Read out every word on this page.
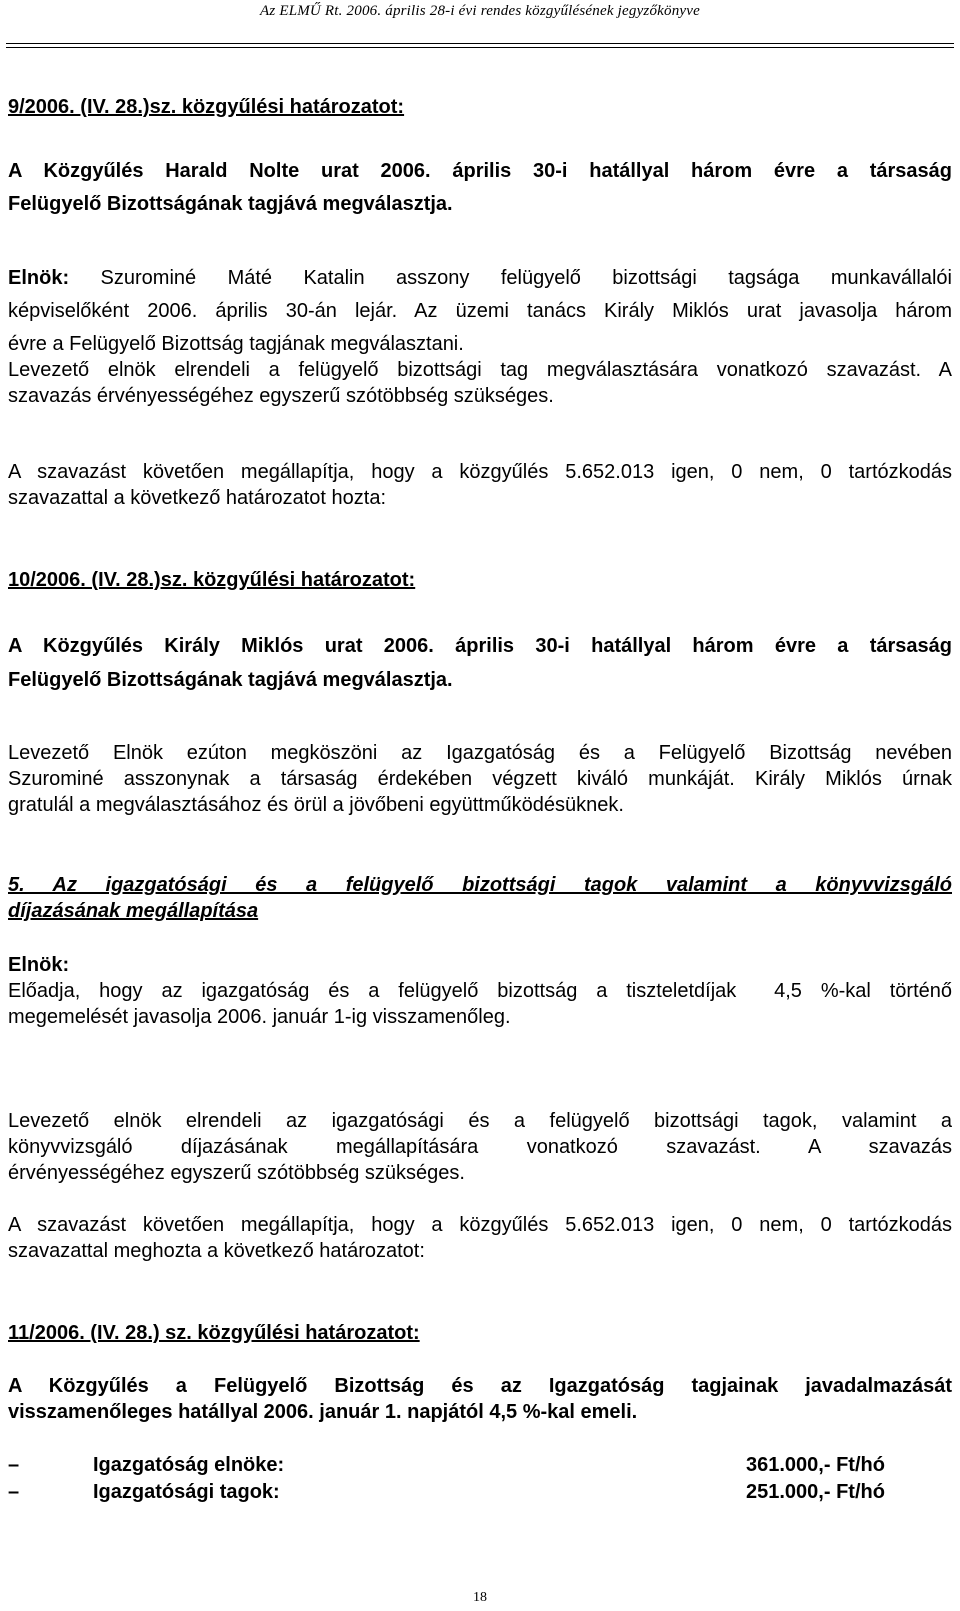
Az ELMŰ Rt. 2006. április 28-i évi rendes közgyűlésének jegyzőkönyve
9/2006. (IV. 28.)sz. közgyűlési határozatot:
A Közgyűlés Harald Nolte urat 2006. április 30-i hatállyal három évre a társaság
Felügyelő Bizottságának tagjává megválasztja.
Elnök: Szurominé Máté Katalin asszony felügyelő bizottsági tagsága munkavállalói
képviselőként 2006. április 30-án lejár. Az üzemi tanács Király Miklós urat javasolja három
évre a Felügyelő Bizottság tagjának megválasztani.
Levezető elnök elrendeli a felügyelő bizottsági tag megválasztására vonatkozó szavazást. A
szavazás érvényességéhez egyszerű szótöbbség szükséges.
A szavazást követően megállapítja, hogy a közgyűlés 5.652.013 igen, 0 nem, 0 tartózkodás
szavazattal a következő határozatot hozta:
10/2006. (IV. 28.)sz. közgyűlési határozatot:
A Közgyűlés Király Miklós urat 2006. április 30-i hatállyal három évre a társaság
Felügyelő Bizottságának tagjává megválasztja.
Levezető Elnök ezúton megköszöni az Igazgatóság és a Felügyelő Bizottság nevében
Szurominé asszonynak a társaság érdekében végzett kiváló munkáját. Király Miklós úrnak
gratulál a megválasztásához és örül a jövőbeni együttműködésüknek.
5. Az igazgatósági és a felügyelő bizottsági tagok valamint a könyvvizsgáló
díjazásának megállapítása
Elnök:
Előadja, hogy az igazgatóság és a felügyelő bizottság a tiszteletdíjak  4,5 %-kal történő
megemelését javasolja 2006. január 1-ig visszamenőleg.
Levezető elnök elrendeli az igazgatósági és a felügyelő bizottsági tagok, valamint a
könyvvizsgáló díjazásának megállapítására vonatkozó szavazást. A szavazás
érvényességéhez egyszerű szótöbbség szükséges.
A szavazást követően megállapítja, hogy a közgyűlés 5.652.013 igen, 0 nem, 0 tartózkodás
szavazattal meghozta a következő határozatot:
11/2006. (IV. 28.) sz. közgyűlési határozatot:
A Közgyűlés a Felügyelő Bizottság és az Igazgatóság tagjainak javadalmazását
visszamenőleges hatállyal 2006. január 1. napjától 4,5 %-kal emeli.
–	Igazgatóság elnöke:	361.000,- Ft/hó
–	Igazgatósági tagok:	251.000,- Ft/hó
18
